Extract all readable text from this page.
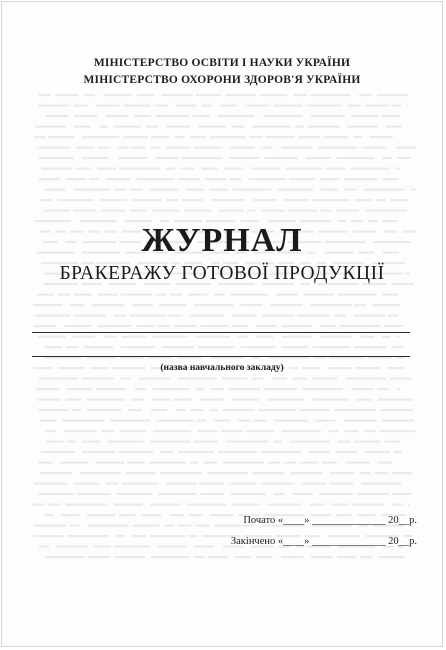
МІНІСТЕРСТВО ОСВІТИ І НАУКИ УКРАЇНИ
МІНІСТЕРСТВО ОХОРОНИ ЗДОРОВ'Я УКРАЇНИ
ЖУРНАЛ
БРАКЕРАЖУ ГОТОВОЇ ПРОДУКЦІЇ
(назва навчального закладу)
Почато «____» ______________ 20__р.
Закінчено «____» ______________ 20__р.
